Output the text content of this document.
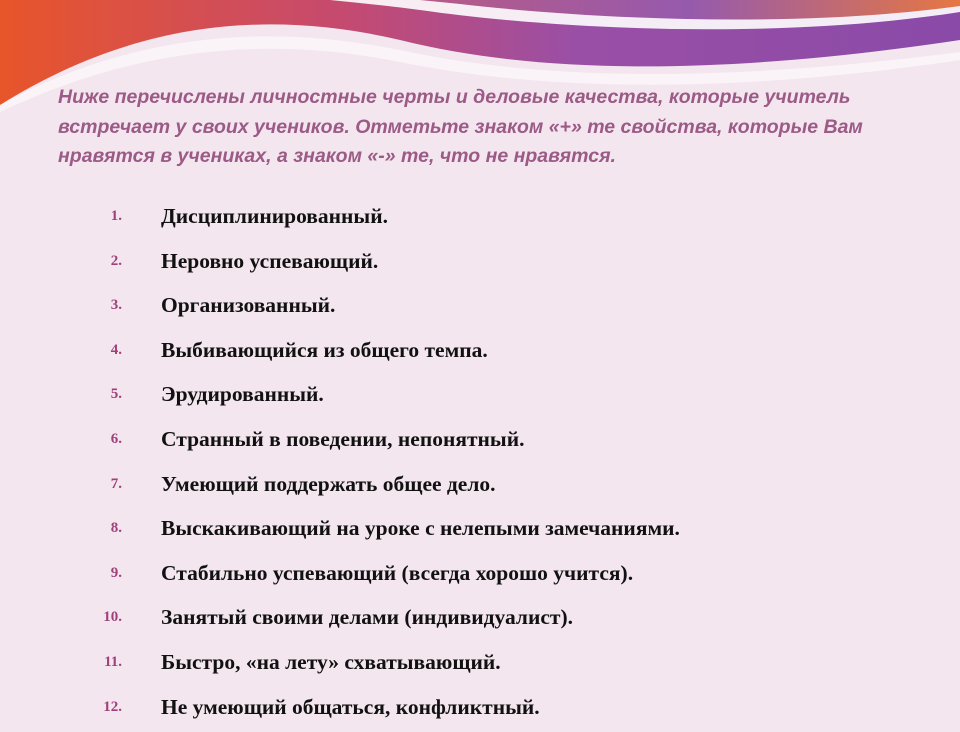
Ниже перечислены личностные черты и деловые качества, которые учитель встречает у своих учеников. Отметьте знаком «+» те свойства, которые Вам нравятся в учениках, а знаком «-» те, что не нравятся.

1. Дисциплинированный.
2. Неровно успевающий.
3. Организованный.
4. Выбивающийся из общего темпа.
5. Эрудированный.
6. Странный в поведении, непонятный.
7. Умеющий поддержать общее дело.
8. Выскакивающий на уроке с нелепыми замечаниями.
9. Стабильно успевающий (всегда хорошо учится).
10. Занятый своими делами (индивидуалист).
11. Быстро, «на лету» схватывающий.
12. Не умеющий общаться, конфликтный.
